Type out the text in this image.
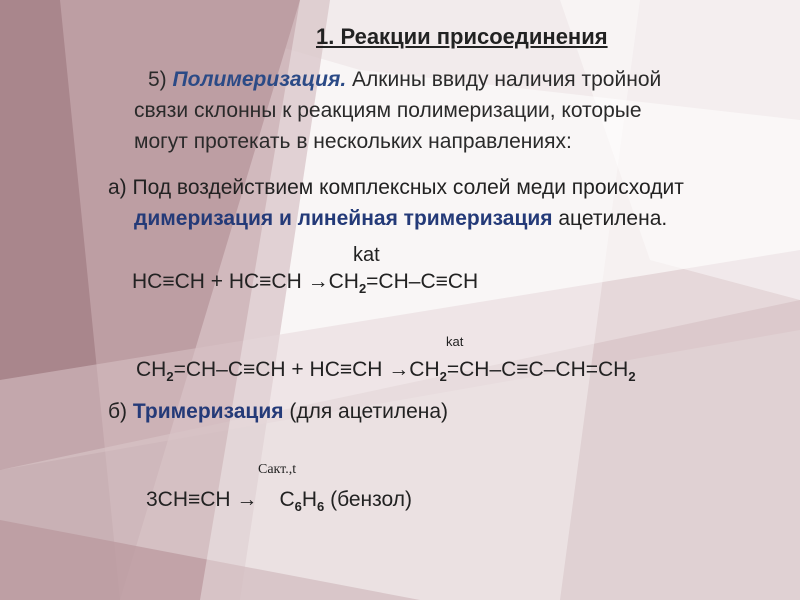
1. Реакции присоединения
5) Полимеризация. Алкины ввиду наличия тройной
связи склонны к реакциям полимеризации, которые
могут протекать в нескольких направлениях:
а) Под воздействием комплексных солей меди происходит
димеризация и линейная тримеризация ацетилена.
kat
$HC\equiv CH + HC\equiv CH \to CH_2=CH-C\equiv CH$
kat
$CH_2=CH-C\equiv CH + HC\equiv CH \to CH_2=CH-C\equiv C-CH=CH_2$
б) Тримеризация (для ацетилена)
Сакт.,t
$3CH\equiv CH \to C_6H_6$ (бензол)
